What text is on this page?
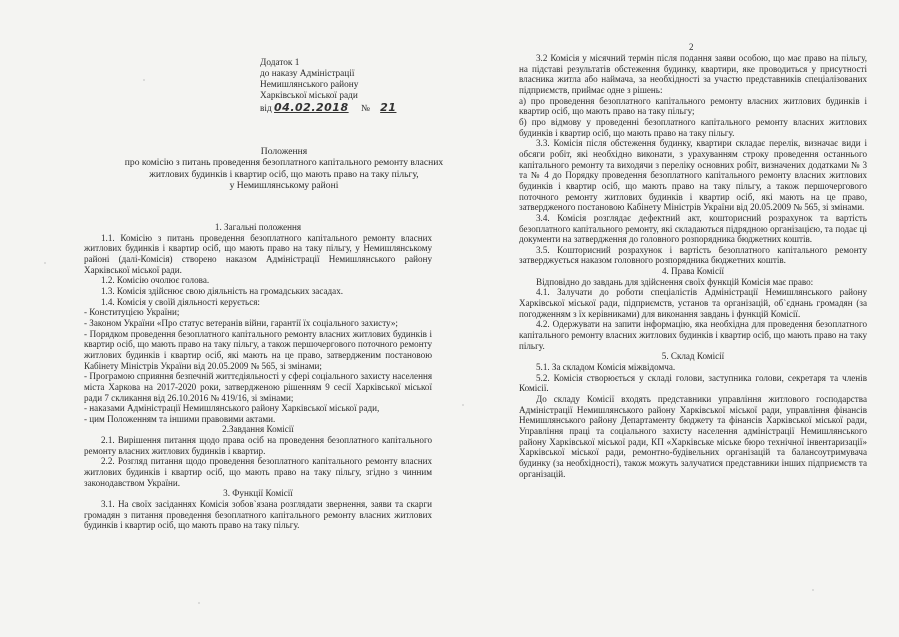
2
Додаток 1
до наказу Адміністрації
Немишлянського району
Харківської міської ради
від 04.02.2018 № 21
Положення
про комісію з питань проведення безоплатного капітального ремонту власних
житлових будинків і квартир осіб, що мають право на таку пільгу,
у Немишлянському районі

1. Загальні положення

1.1. Комісію з питань проведення безоплатного капітального ремонту власних житлових будинків і квартир осіб, що мають право на таку пільгу, у Немишлянському районі (далі-Комісія) створено наказом Адміністрації Немишлянського району Харківської міської ради.

1.2. Комісію очолює голова.

1.3. Комісія здійснює свою діяльність на громадських засадах.

1.4. Комісія у своїй діяльності керується:

- Конституцією України;

- Законом України «Про статус ветеранів війни, гарантії їх соціального захисту»;

- Порядком проведення безоплатного капітального ремонту власних житлових будинків і квартир осіб, що мають право на таку пільгу, а також першочергового поточного ремонту житлових будинків і квартир осіб, які мають на це право, затвердженим постановою Кабінету Міністрів України від 20.05.2009 № 565, зі змінами;

- Програмою сприяння безпечній життєдіяльності у сфері соціального захисту населення міста Харкова на 2017-2020 роки, затвердженою рішенням 9 сесії Харківської міської ради 7 скликання від 26.10.2016 № 419/16, зі змінами;

- наказами Адміністрації Немишлянського району Харківської міської ради,

- цим Положенням та іншими правовими актами.

2.Завдання Комісії

2.1. Вирішення питання щодо права осіб на проведення безоплатного капітального ремонту власних житлових будинків і квартир.

2.2. Розгляд питання щодо проведення безоплатного капітального ремонту власних житлових будинків і квартир осіб, що мають право на таку пільгу, згідно з чинним законодавством України.

3. Функції Комісії

3.1. На своїх засіданнях Комісія зобов`язана розглядати звернення, заяви та скарги громадян з питання проведення безоплатного капітального ремонту власних житлових будинків і квартир осіб, що мають право на таку пільгу.

3.2 Комісія у місячний термін після подання заяви особою, що має право на пільгу, на підставі результатів обстеження будинку, квартири, яке проводиться у присутності власника житла або наймача, за необхідності за участю представників спеціалізованих підприємств, приймає одне з рішень:

а) про проведення безоплатного капітального ремонту власних житлових будинків і квартир осіб, що мають право на таку пільгу;

б) про відмову у проведенні безоплатного капітального ремонту власних житлових будинків і квартир осіб, що мають право на таку пільгу.

3.3. Комісія після обстеження будинку, квартири складає перелік, визначає види і обсяги робіт, які необхідно виконати, з урахуванням строку проведення останнього капітального ремонту та виходячи з переліку основних робіт, визначених додатками № 3 та № 4 до Порядку проведення безоплатного капітального ремонту власних житлових будинків і квартир осіб, що мають право на таку пільгу, а також першочергового поточного ремонту житлових будинків і квартир осіб, які мають на це право, затвердженого постановою Кабінету Міністрів України від 20.05.2009 № 565, зі змінами.

3.4. Комісія розглядає дефектний акт, кошторисний розрахунок та вартість безоплатного капітального ремонту, які складаються підрядною організацією, та подає ці документи на затвердження до головного розпорядника бюджетних коштів.

3.5. Кошторисний розрахунок і вартість безоплатного капітального ремонту затверджується наказом головного розпорядника бюджетних коштів.

4. Права Комісії

Відповідно до завдань для здійснення своїх функцій Комісія має право:

4.1. Залучати до роботи спеціалістів Адміністрації Немишлянського району Харківської міської ради, підприємств, установ та організацій, об`єднань громадян (за погодженням з їх керівниками) для виконання завдань і функцій Комісії.

4.2. Одержувати на запити інформацію, яка необхідна для проведення безоплатного капітального ремонту власних житлових будинків і квартир осіб, що мають право на таку пільгу.

5. Склад Комісії

5.1. За складом Комісія міжвідомча.

5.2. Комісія створюється у складі голови, заступника голови, секретаря та членів Комісії.

До складу Комісії входять представники управління житлового господарства Адміністрації Немишлянського району Харківської міської ради, управління фінансів Немишлянського району Департаменту бюджету та фінансів Харківської міської ради, Управління праці та соціального захисту населення адміністрації Немишлянського району Харківської міської ради, КП «Харківське міське бюро технічної інвентаризації» Харківської міської ради, ремонтно-будівельних організацій та балансоутримувача будинку (за необхідності), також можуть залучатися представники інших підприємств та організацій.
